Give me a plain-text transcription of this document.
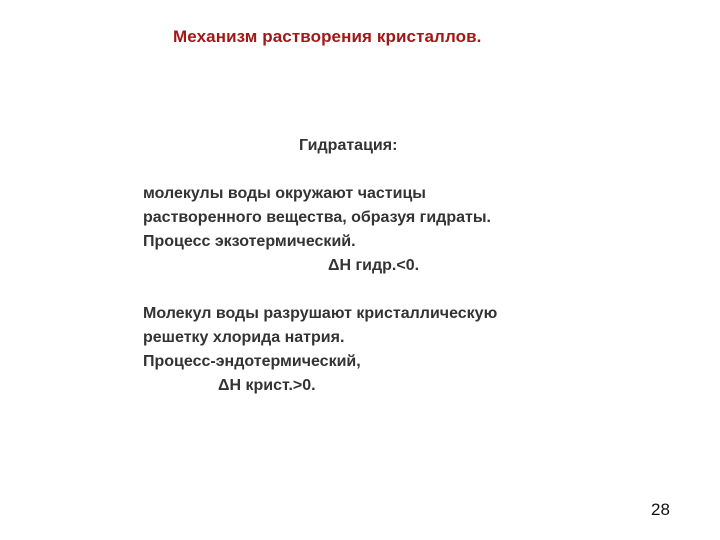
Механизм растворения кристаллов.
Гидратация:
молекулы воды окружают частицы
растворенного вещества, образуя гидраты.
Процесс экзотермический.
ΔH гидр.<0.
Молекул воды разрушают кристаллическую
решетку хлорида натрия.
Процесс-эндотермический,
ΔH крист.>0.
28
